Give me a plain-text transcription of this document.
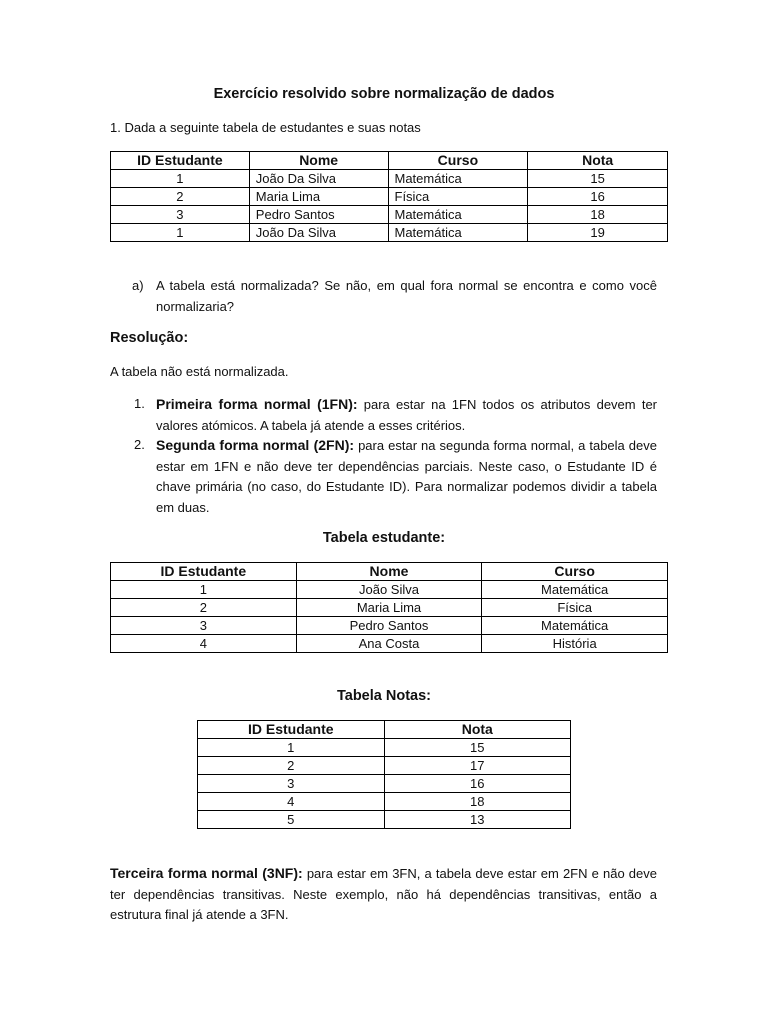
Exercício resolvido sobre normalização de dados
1. Dada a seguinte tabela de estudantes e suas notas
ID Estudante	Nome	Curso	Nota
1	João Da Silva	Matemática	15
2	Maria Lima	Física	16
3	Pedro Santos	Matemática	18
1	João Da Silva	Matemática	19
a) A tabela está normalizada? Se não, em qual fora normal se encontra e como você normalizaria?
Resolução:
A tabela não está normalizada.
1. Primeira forma normal (1FN): para estar na 1FN todos os atributos devem ter valores atómicos. A tabela já atende a esses critérios.
2. Segunda forma normal (2FN): para estar na segunda forma normal, a tabela deve estar em 1FN e não deve ter dependências parciais. Neste caso, o Estudante ID é chave primária (no caso, do Estudante ID). Para normalizar podemos dividir a tabela em duas.
Tabela estudante:
ID Estudante	Nome	Curso
1	João Silva	Matemática
2	Maria Lima	Física
3	Pedro Santos	Matemática
4	Ana Costa	História
Tabela Notas:
ID Estudante	Nota
1	15
2	17
3	16
4	18
5	13
Terceira forma normal (3NF): para estar em 3FN, a tabela deve estar em 2FN e não deve ter dependências transitivas. Neste exemplo, não há dependências transitivas, então a estrutura final já atende a 3FN.
